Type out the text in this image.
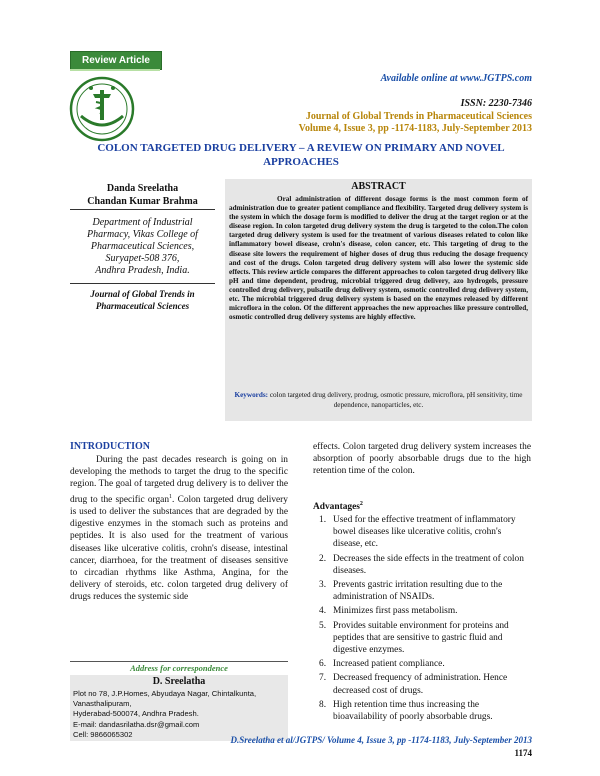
Review Article
Available online at www.JGTPS.com
ISSN: 2230-7346
Journal of Global Trends in Pharmaceutical Sciences
Volume 4, Issue 3, pp -1174-1183, July-September 2013
COLON TARGETED DRUG DELIVERY – A REVIEW ON PRIMARY AND NOVEL APPROACHES
Danda Sreelatha
Chandan Kumar Brahma
Department of Industrial
Pharmacy, Vikas College of
Pharmaceutical Sciences,
Suryapet-508 376,
Andhra Pradesh, India.
Journal of Global Trends in
Pharmaceutical Sciences
ABSTRACT
Oral administration of different dosage forms is the most common form of administration due to greater patient compliance and flexibility. Targeted drug delivery system is the system in which the dosage form is modified to deliver the drug at the target region or at the disease region. In colon targeted drug delivery system the drug is targeted to the colon.The colon targeted drug delivery system is used for the treatment of various diseases related to colon like inflammatory bowel disease, crohn's disease, colon cancer, etc. This targeting of drug to the disease site lowers the requirement of higher doses of drug thus reducing the dosage frequency and cost of the drugs. Colon targeted drug delivery system will also lower the systemic side effects. This review article compares the different approaches to colon targeted drug delivery like pH and time dependent, prodrug, microbial triggered drug delivery, azo hydrogels, pressure controlled drug delivery, pulsatile drug delivery system, osmotic controlled drug delivery system, etc. The microbial triggered drug delivery system is based on the enzymes released by different microflora in the colon. Of the different approaches the new approaches like pressure controlled, osmotic controlled drug delivery systems are highly effective.
Keywords: colon targeted drug delivery, prodrug, osmotic pressure, microflora, pH sensitivity, time dependence, nanoparticles, etc.
INTRODUCTION
During the past decades research is going on in developing the methods to target the drug to the specific region. The goal of targeted drug delivery is to deliver the drug to the specific organ$^1$. Colon targeted drug delivery is used to deliver the substances that are degraded by the digestive enzymes in the stomach such as proteins and peptides. It is also used for the treatment of various diseases like ulcerative colitis, crohn's disease, intestinal cancer, diarrhoea, for the treatment of diseases sensitive to circadian rhythms like Asthma, Angina, for the delivery of steroids, etc. colon targeted drug delivery of drugs reduces the systemic side
effects. Colon targeted drug delivery system increases the absorption of poorly absorbable drugs due to the high retention time of the colon.
Advantages$^2$
1. Used for the effective treatment of inflammatory bowel diseases like ulcerative colitis, crohn's disease, etc.
2. Decreases the side effects in the treatment of colon diseases.
3. Prevents gastric irritation resulting due to the administration of NSAIDs.
4. Minimizes first pass metabolism.
5. Provides suitable environment for proteins and peptides that are sensitive to gastric fluid and digestive enzymes.
6. Increased patient compliance.
7. Decreased frequency of administration. Hence decreased cost of drugs.
8. High retention time thus increasing the bioavailability of poorly absorbable drugs.
Address for correspondence
D. Sreelatha
Plot no 78, J.P.Homes, Abyudaya Nagar, Chintalkunta,
Vanasthalipuram,
Hyderabad-500074, Andhra Pradesh.
E-mail: dandasrilatha.dsr@gmail.com
Cell: 9866065302
D.Sreelatha et al/JGTPS/ Volume 4, Issue 3, pp -1174-1183, July-September 2013
1174
